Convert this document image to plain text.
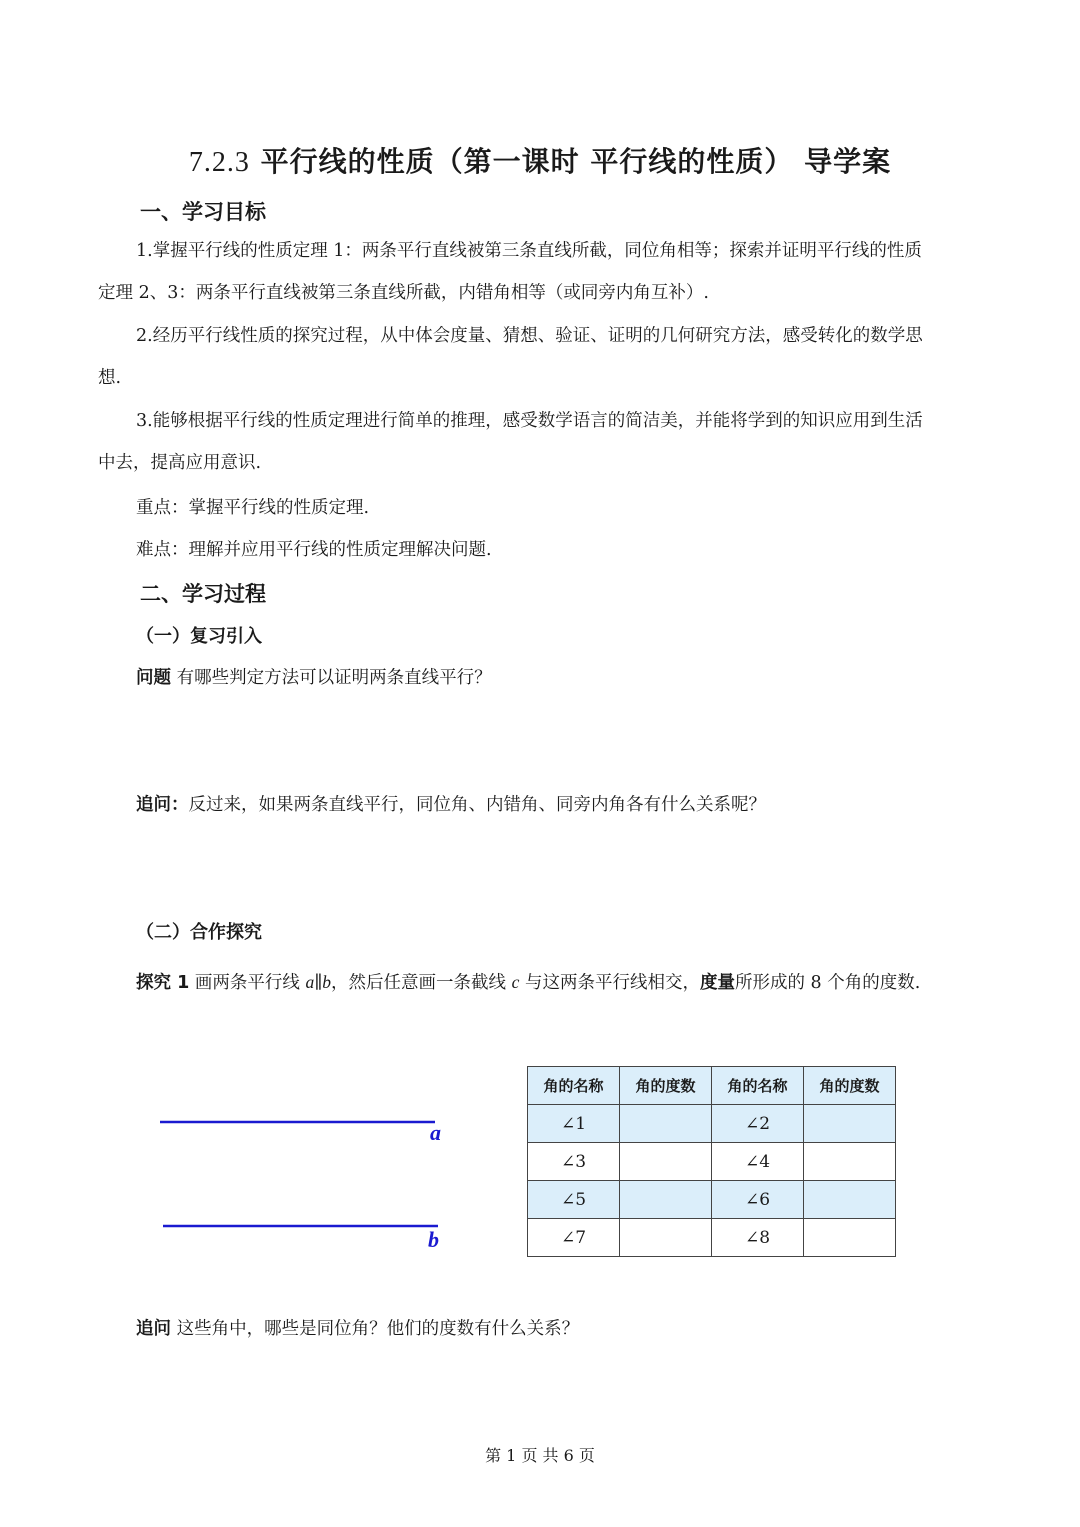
7.2.3 平行线的性质（第一课时 平行线的性质） 导学案
一、学习目标
1.掌握平行线的性质定理 1：两条平行直线被第三条直线所截，同位角相等；探索并证明平行线的性质
定理 2、3：两条平行直线被第三条直线所截，内错角相等（或同旁内角互补）.
2.经历平行线性质的探究过程，从中体会度量、猜想、验证、证明的几何研究方法，感受转化的数学思
想.
3.能够根据平行线的性质定理进行简单的推理，感受数学语言的简洁美，并能将学到的知识应用到生活
中去，提高应用意识.
重点：掌握平行线的性质定理.
难点：理解并应用平行线的性质定理解决问题.
二、学习过程
（一）复习引入
问题 有哪些判定方法可以证明两条直线平行？
追问：反过来，如果两条直线平行，同位角、内错角、同旁内角各有什么关系呢？
（二）合作探究
探究 1 画两条平行线 a∥b，然后任意画一条截线 c 与这两条平行线相交，度量所形成的 8 个角的度数.
a
b
角的名称	角的度数	角的名称	角的度数
∠1		∠2	
∠3		∠4	
∠5		∠6	
∠7		∠8	
追问 这些角中，哪些是同位角？他们的度数有什么关系？
第 1 页 共 6 页
